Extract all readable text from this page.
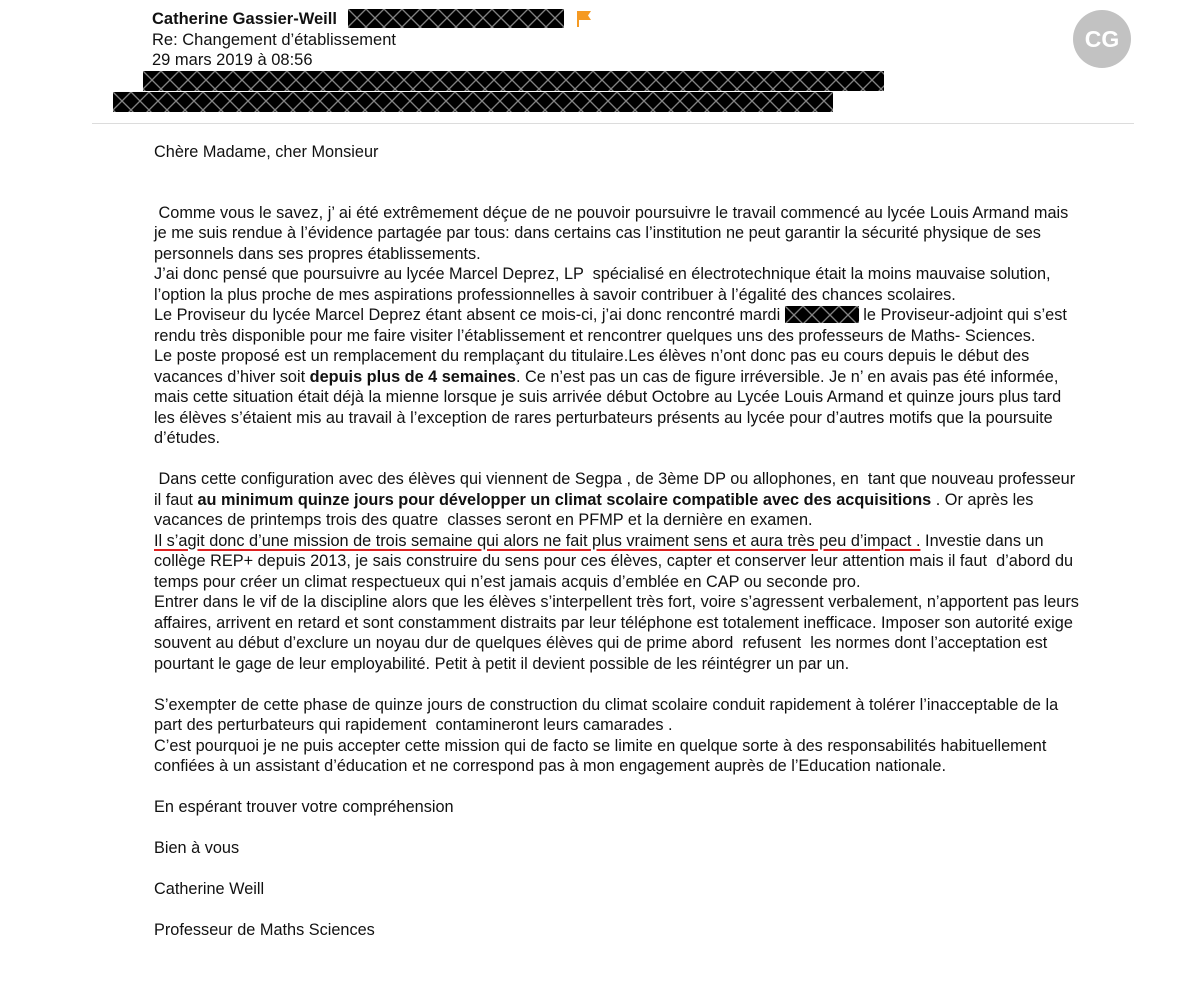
Catherine Gassier-Weill
Re: Changement d’établissement
29 mars 2019 à 08:56
CG

Chère Madame, cher Monsieur

Comme vous le savez, j’ ai été extrêmement déçue de ne pouvoir poursuivre le travail commencé au lycée Louis Armand mais

je me suis rendue à l’évidence partagée par tous: dans certains cas l’institution ne peut garantir la sécurité physique de ses

personnels dans ses propres établissements.

J’ai donc pensé que poursuivre au lycée Marcel Deprez, LP  spécialisé en électrotechnique était la moins mauvaise solution,

l’option la plus proche de mes aspirations professionnelles à savoir contribuer à l’égalité des chances scolaires.

Le Proviseur du lycée Marcel Deprez étant absent ce mois-ci, j’ai donc rencontré mardi	le Proviseur-adjoint qui s’est

rendu très disponible pour me faire visiter l’établissement et rencontrer quelques uns des professeurs de Maths- Sciences.

Le poste proposé est un remplacement du remplaçant du titulaire.Les élèves n’ont donc pas eu cours depuis le début des

vacances d’hiver soit depuis plus de 4 semaines. Ce n’est pas un cas de figure irréversible. Je n’ en avais pas été informée,

mais cette situation était déjà la mienne lorsque je suis arrivée début Octobre au Lycée Louis Armand et quinze jours plus tard

les élèves s’étaient mis au travail à l’exception de rares perturbateurs présents au lycée pour d’autres motifs que la poursuite

d’études.

Dans cette configuration avec des élèves qui viennent de Segpa , de 3ème DP ou allophones, en  tant que nouveau professeur

il faut au minimum quinze jours pour développer un climat scolaire compatible avec des acquisitions . Or après les

vacances de printemps trois des quatre  classes seront en PFMP et la dernière en examen.

Il s’agit donc d’une mission de trois semaine qui alors ne fait plus vraiment sens et aura très peu d’impact . Investie dans un

collège REP+ depuis 2013, je sais construire du sens pour ces élèves, capter et conserver leur attention mais il faut  d’abord du

temps pour créer un climat respectueux qui n’est jamais acquis d’emblée en CAP ou seconde pro.

Entrer dans le vif de la discipline alors que les élèves s’interpellent très fort, voire s’agressent verbalement, n’apportent pas leurs

affaires, arrivent en retard et sont constamment distraits par leur téléphone est totalement inefficace. Imposer son autorité exige

souvent au début d’exclure un noyau dur de quelques élèves qui de prime abord  refusent  les normes dont l’acceptation est

pourtant le gage de leur employabilité. Petit à petit il devient possible de les réintégrer un par un.

S’exempter de cette phase de quinze jours de construction du climat scolaire conduit rapidement à tolérer l’inacceptable de la

part des perturbateurs qui rapidement  contamineront leurs camarades .

C’est pourquoi je ne puis accepter cette mission qui de facto se limite en quelque sorte à des responsabilités habituellement

confiées à un assistant d’éducation et ne correspond pas à mon engagement auprès de l’Education nationale.

En espérant trouver votre compréhension

Bien à vous

Catherine Weill

Professeur de Maths Sciences
